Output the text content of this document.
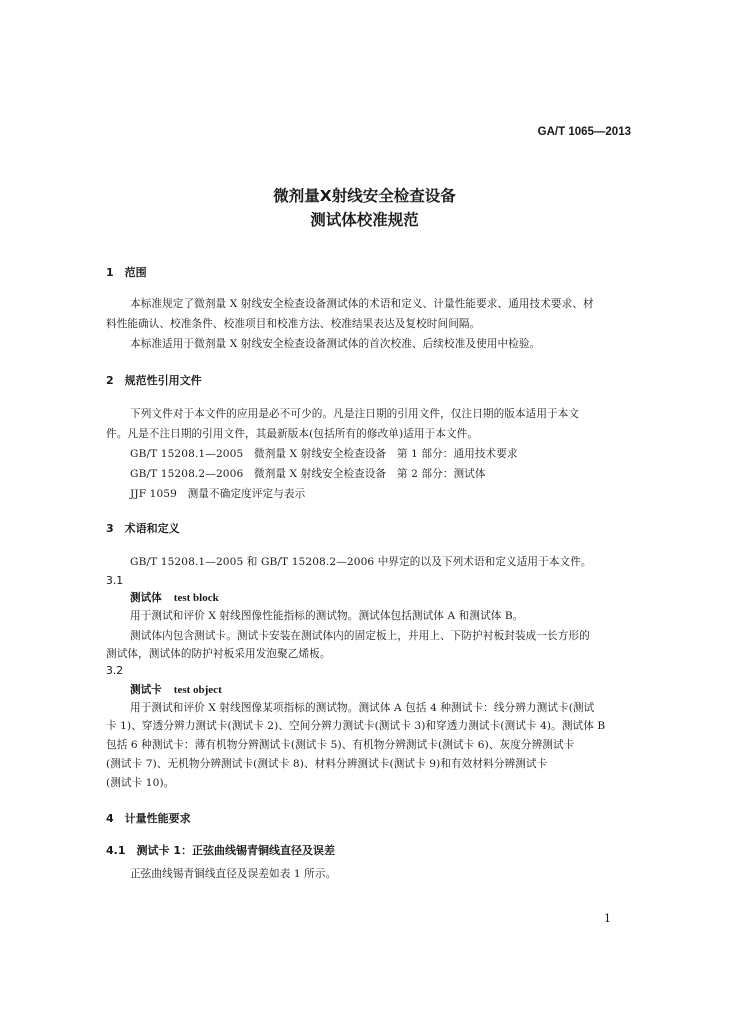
GA/T 1065—2013
微剂量X射线安全检查设备
测试体校准规范
1　范围
本标准规定了微剂量 X 射线安全检查设备测试体的术语和定义、计量性能要求、通用技术要求、材
料性能确认、校准条件、校准项目和校准方法、校准结果表达及复校时间间隔。
本标准适用于微剂量 X 射线安全检查设备测试体的首次校准、后续校准及使用中检验。
2　规范性引用文件
下列文件对于本文件的应用是必不可少的。凡是注日期的引用文件，仅注日期的版本适用于本文
件。凡是不注日期的引用文件，其最新版本(包括所有的修改单)适用于本文件。
GB/T 15208.1—2005　微剂量 X 射线安全检查设备　第 1 部分：通用技术要求
GB/T 15208.2—2006　微剂量 X 射线安全检查设备　第 2 部分：测试体
JJF 1059　测量不确定度评定与表示
3　术语和定义
GB/T 15208.1—2005 和 GB/T 15208.2—2006 中界定的以及下列术语和定义适用于本文件。
3.1
测试体 test block
用于测试和评价 X 射线图像性能指标的测试物。测试体包括测试体 A 和测试体 B。
测试体内包含测试卡。测试卡安装在测试体内的固定板上，并用上、下防护衬板封装成一长方形的
测试体，测试体的防护衬板采用发泡聚乙烯板。
3.2
测试卡 test object
用于测试和评价 X 射线图像某项指标的测试物。测试体 A 包括 4 种测试卡：线分辨力测试卡(测试
卡 1)、穿透分辨力测试卡(测试卡 2)、空间分辨力测试卡(测试卡 3)和穿透力测试卡(测试卡 4)。测试体 B
包括 6 种测试卡：薄有机物分辨测试卡(测试卡 5)、有机物分辨测试卡(测试卡 6)、灰度分辨测试卡
(测试卡 7)、无机物分辨测试卡(测试卡 8)、材料分辨测试卡(测试卡 9)和有效材料分辨测试卡
(测试卡 10)。
4　计量性能要求
4.1　测试卡 1：正弦曲线锡青铜线直径及误差
正弦曲线锡青铜线直径及误差如表 1 所示。
1
